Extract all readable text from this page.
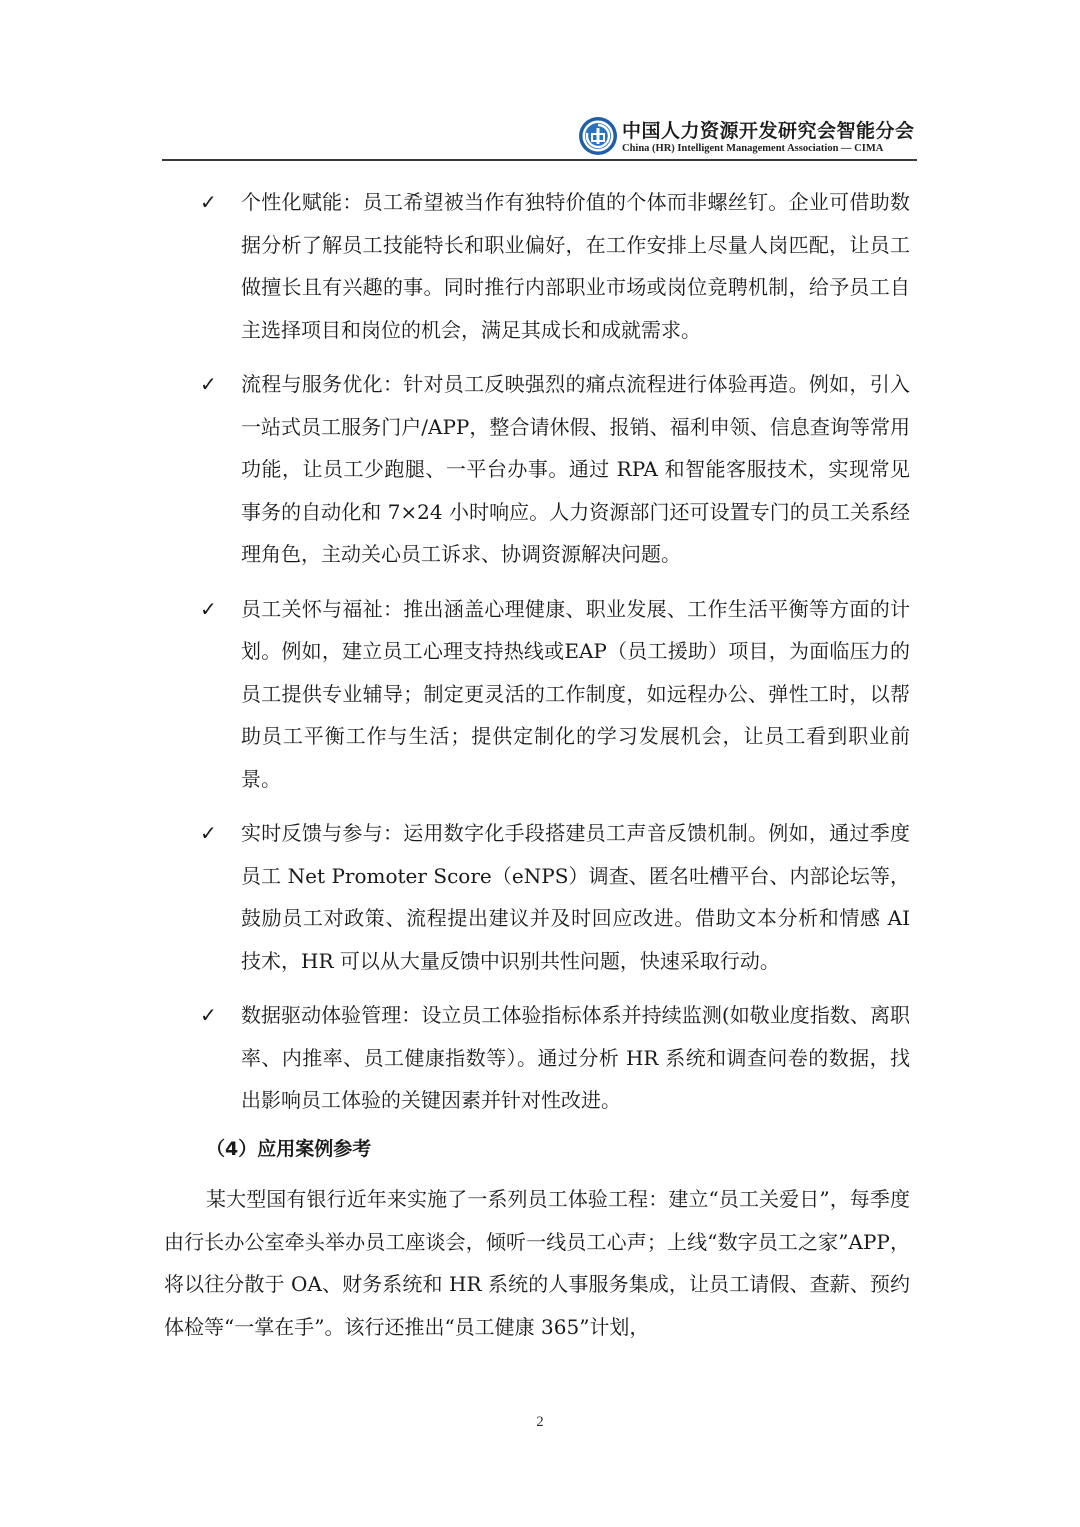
中国人力资源开发研究会智能分会
China (HR) Intelligent Management Association — CIMA
✓ 个性化赋能：员工希望被当作有独特价值的个体而非螺丝钉。企业可借助数据分析了解员工技能特长和职业偏好，在工作安排上尽量人岗匹配，让员工做擅长且有兴趣的事。同时推行内部职业市场或岗位竞聘机制，给予员工自主选择项目和岗位的机会，满足其成长和成就需求。
✓ 流程与服务优化：针对员工反映强烈的痛点流程进行体验再造。例如，引入一站式员工服务门户/APP，整合请休假、报销、福利申领、信息查询等常用功能，让员工少跑腿、一平台办事。通过 RPA 和智能客服技术，实现常见事务的自动化和 7×24 小时响应。人力资源部门还可设置专门的员工关系经理角色，主动关心员工诉求、协调资源解决问题。
✓ 员工关怀与福祉：推出涵盖心理健康、职业发展、工作生活平衡等方面的计划。例如，建立员工心理支持热线或EAP（员工援助）项目，为面临压力的员工提供专业辅导；制定更灵活的工作制度，如远程办公、弹性工时，以帮助员工平衡工作与生活；提供定制化的学习发展机会，让员工看到职业前景。
✓ 实时反馈与参与：运用数字化手段搭建员工声音反馈机制。例如，通过季度员工 Net Promoter Score（eNPS）调查、匿名吐槽平台、内部论坛等，鼓励员工对政策、流程提出建议并及时回应改进。借助文本分析和情感 AI 技术，HR 可以从大量反馈中识别共性问题，快速采取行动。
✓ 数据驱动体验管理：设立员工体验指标体系并持续监测(如敬业度指数、离职率、内推率、员工健康指数等）。通过分析 HR 系统和调查问卷的数据，找出影响员工体验的关键因素并针对性改进。
（4）应用案例参考
某大型国有银行近年来实施了一系列员工体验工程：建立“员工关爱日”，每季度由行长办公室牵头举办员工座谈会，倾听一线员工心声；上线“数字员工之家”APP，将以往分散于 OA、财务系统和 HR 系统的人事服务集成，让员工请假、查薪、预约体检等“一掌在手”。该行还推出“员工健康 365”计划，
2
